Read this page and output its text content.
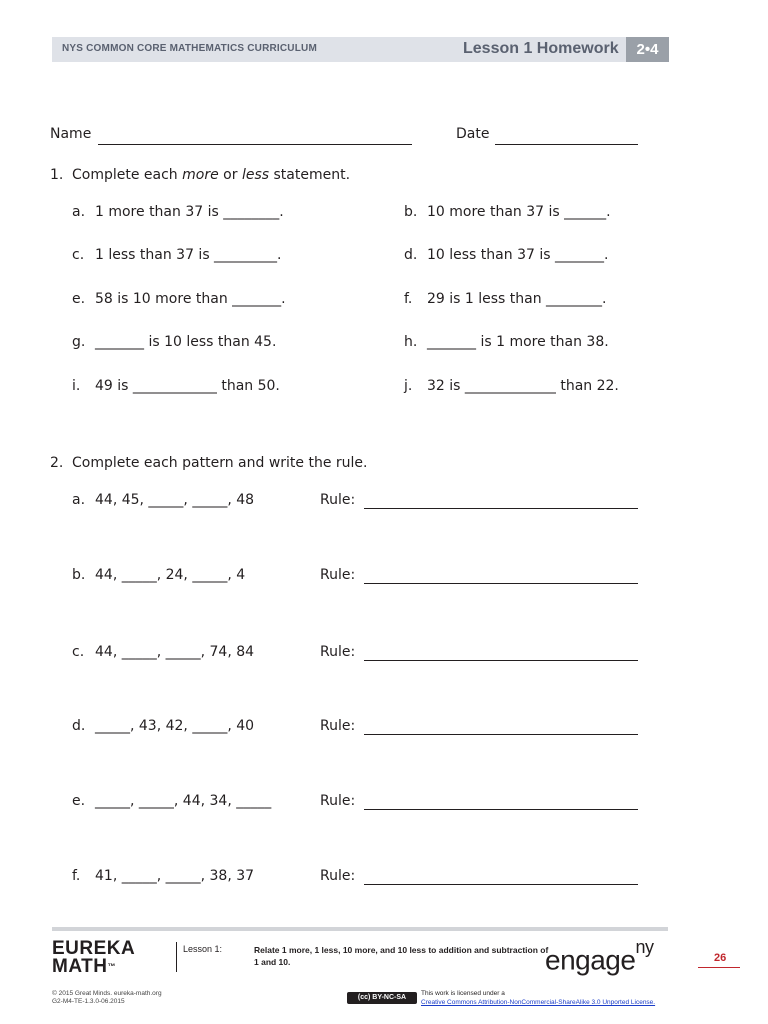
NYS COMMON CORE MATHEMATICS CURRICULUM	Lesson 1 Homework	2•4
Name	Date
1. Complete each more or less statement.
a. 1 more than 37 is ________.	b. 10 more than 37 is ______.
c. 1 less than 37 is _________.	d. 10 less than 37 is _______.
e. 58 is 10 more than _______.	f. 29 is 1 less than ________.
g. _______ is 10 less than 45.	h. _______ is 1 more than 38.
i. 49 is ____________ than 50.	j. 32 is _____________ than 22.
2. Complete each pattern and write the rule.
a. 44, 45, _____, _____, 48	Rule:
b. 44, _____, 24, _____, 4	Rule:
c. 44, _____, _____, 74, 84	Rule:
d. _____, 43, 42, _____, 40	Rule:
e. _____, _____, 44, 34, _____	Rule:
f. 41, _____, _____, 38, 37	Rule:
EUREKA
MATH™
Lesson 1:	Relate 1 more, 1 less, 10 more, and 10 less to addition and subtraction of 1 and 10.	engage$^{ny}$
26
© 2015 Great Minds. eureka-math.org
G2-M4-TE-1.3.0-06.2015
(cc) BY-NC-SA
This work is licensed under a
Creative Commons Attribution-NonCommercial-ShareAlike 3.0 Unported License.
